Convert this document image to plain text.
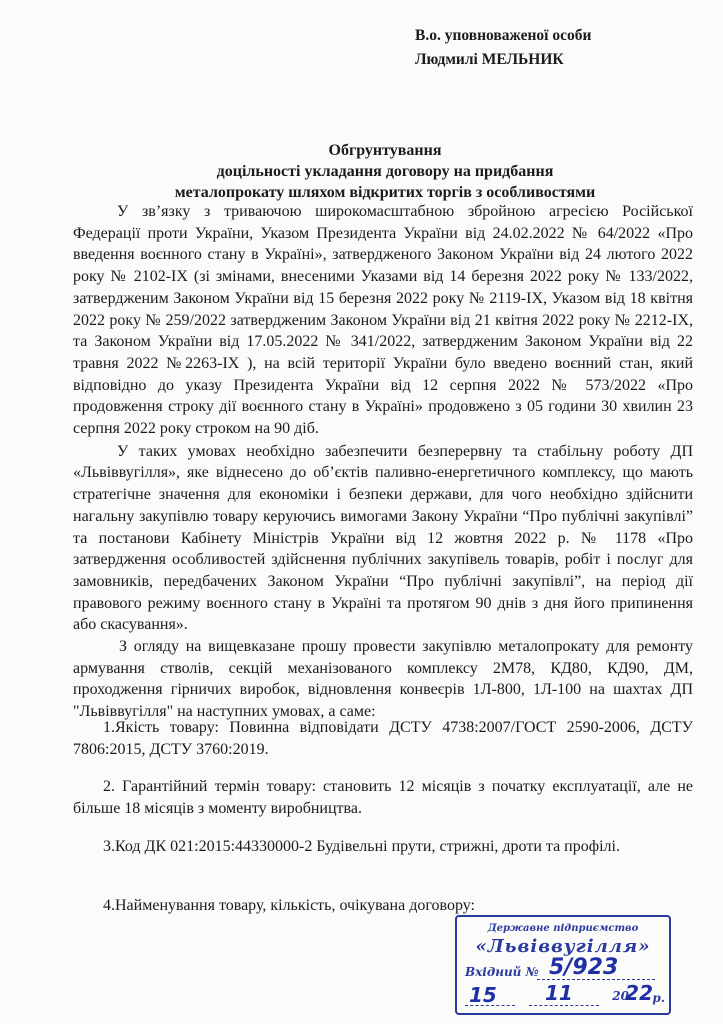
В.о. уповноваженої особи
Людмилі МЕЛЬНИК
Обгрунтування
доцільності укладання договору на придбання
металопрокату шляхом відкритих торгів з особливостями

У зв’язку з триваючою широкомасштабною збройною агресією Російської Федерації проти України, Указом Президента України від 24.02.2022 № 64/2022 «Про введення воєнного стану в Україні», затвердженого Законом України від 24 лютого 2022 року № 2102-IX (зі змінами, внесеними Указами від 14 березня 2022 року № 133/2022, затвердженим Законом України від 15 березня 2022 року № 2119-IX, Указом від 18 квітня 2022 року № 259/2022 затвердженим Законом України від 21 квітня 2022 року № 2212-IX, та Законом України від 17.05.2022 № 341/2022, затвердженим Законом України від 22 травня 2022 №2263-IX ), на всій території України було введено воєнний стан, який відповідно до указу Президента України від 12 серпня 2022 № 573/2022 «Про продовження строку дії воєнного стану в Україні» продовжено з 05 години 30 хвилин 23 серпня 2022 року строком на 90 діб.

У таких умовах необхідно забезпечити безперервну та стабільну роботу ДП «Львіввугілля», яке віднесено до об’єктів паливно-енергетичного комплексу, що мають стратегічне значення для економіки і безпеки держави, для чого необхідно здійснити нагальну закупівлю товару керуючись вимогами Закону України “Про публічні закупівлі” та постанови Кабінету Міністрів України від 12 жовтня 2022 р. № 1178 «Про затвердження особливостей здійснення публічних закупівель товарів, робіт і послуг для замовників, передбачених Законом України “Про публічні закупівлі”, на період дії правового режиму воєнного стану в Україні та протягом 90 днів з дня його припинення або скасування».

З огляду на вищевказане прошу провести закупівлю металопрокату для ремонту армування стволів, секцій механізованого комплексу 2М78, КД80, КД90, ДМ, проходження гірничих виробок, відновлення конвеєрів 1Л-800, 1Л-100 на шахтах ДП "Львіввугілля" на наступних умовах, а саме:

1.Якість товару: Повинна відповідати ДСТУ 4738:2007/ГОСТ 2590-2006, ДСТУ 7806:2015, ДСТУ 3760:2019.
2. Гарантійний термін товару: становить 12 місяців з початку експлуатації, але не більше 18 місяців з моменту виробництва.
3.Код ДК 021:2015:44330000-2 Будівельні прути, стрижні, дроти та профілі.
4.Найменування товару, кількість, очікувана договору:
Державне підприємство
«Львіввугілля»
Вхідний № 5/923
15 11	20
22 р.
